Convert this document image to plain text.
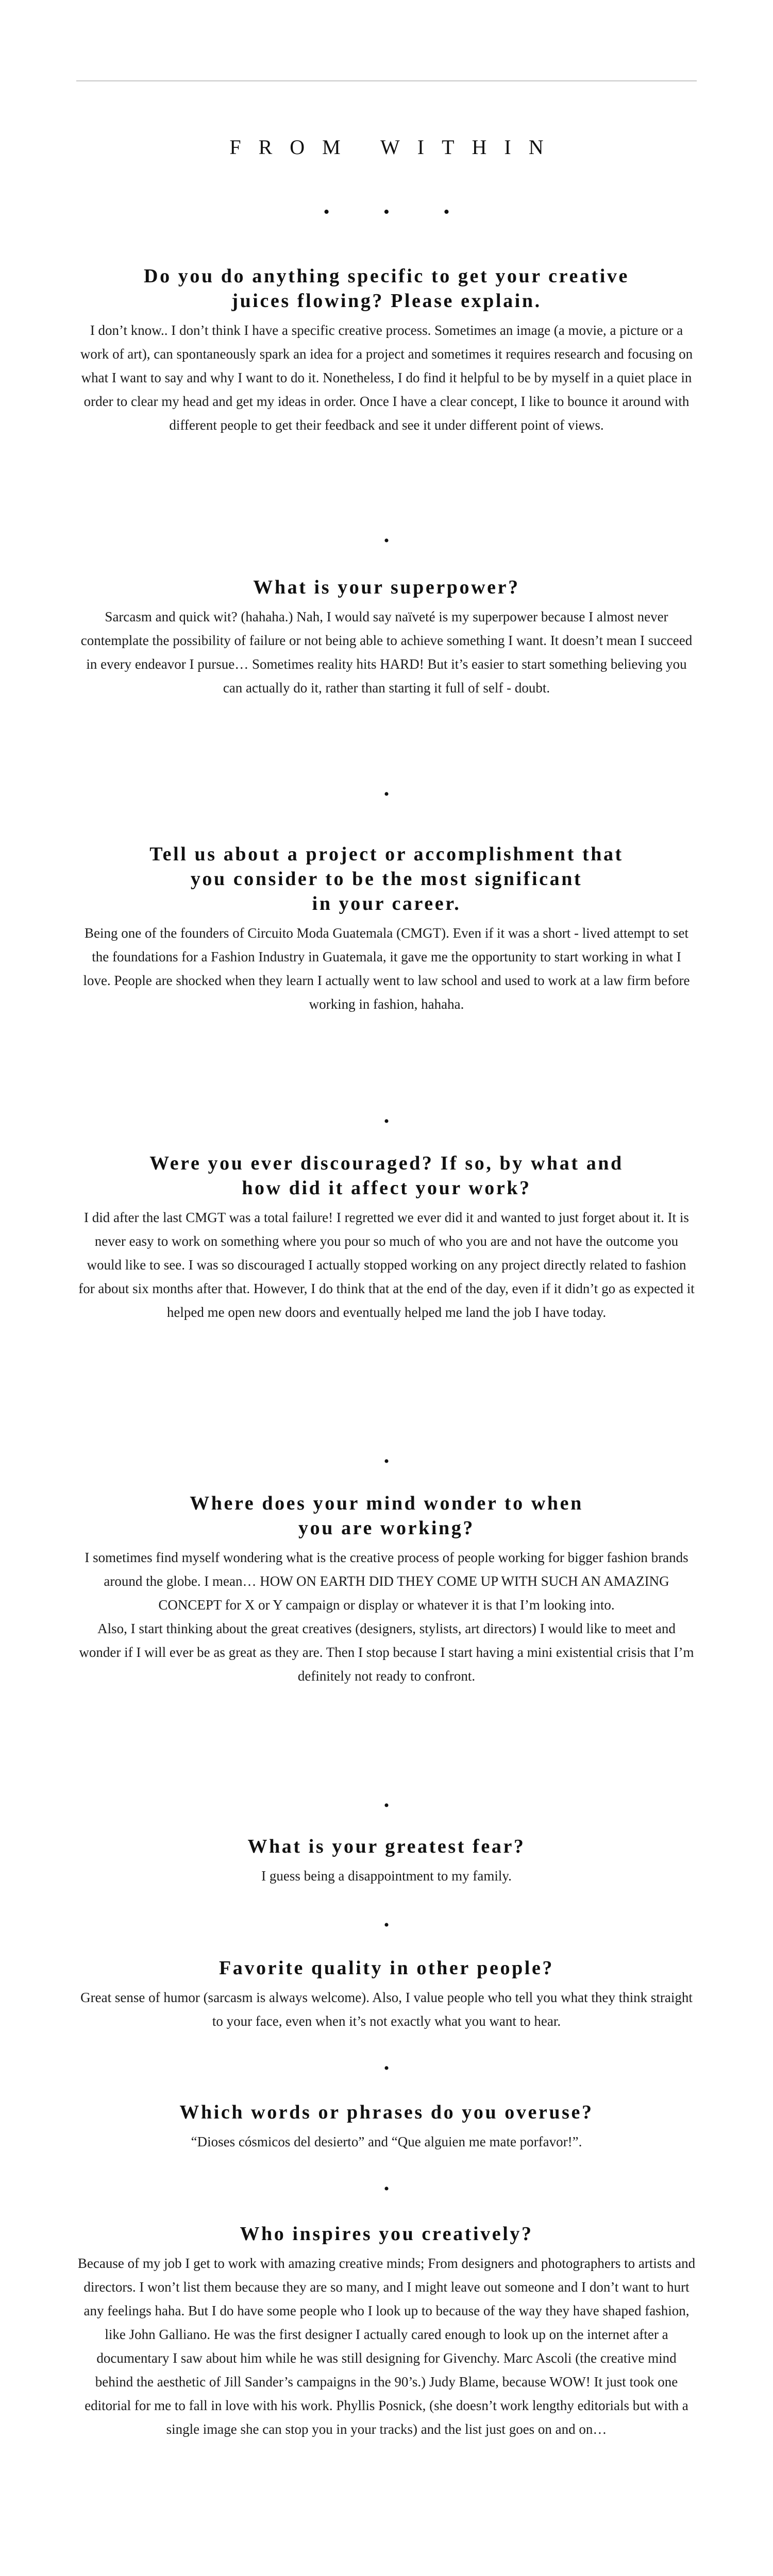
FROM WITHIN
• • •
Do you do anything specific to get your creative
juices flowing? Please explain.

I don’t know.. I don’t think I have a specific creative process. Sometimes an image (a movie, a picture or a work of art), can spontaneously spark an idea for a project and sometimes it requires research and focusing on what I want to say and why I want to do it. Nonetheless, I do find it helpful to be by myself in a quiet place in order to clear my head and get my ideas in order. Once I have a clear concept, I like to bounce it around with different people to get their feedback and see it under different point of views.

•
What is your superpower?

Sarcasm and quick wit? (hahaha.) Nah, I would say naïveté is my superpower because I almost never contemplate the possibility of failure or not being able to achieve something I want. It doesn’t mean I succeed in every endeavor I pursue… Sometimes reality hits HARD! But it’s easier to start something believing you can actually do it, rather than starting it full of self - doubt.

•
Tell us about a project or accomplishment that
you consider to be the most significant
in your career.

Being one of the founders of Circuito Moda Guatemala (CMGT). Even if it was a short - lived attempt to set the foundations for a Fashion Industry in Guatemala, it gave me the opportunity to start working in what I love. People are shocked when they learn I actually went to law school and used to work at a law firm before working in fashion, hahaha.

•
Were you ever discouraged? If so, by what and
how did it affect your work?

I did after the last CMGT was a total failure! I regretted we ever did it and wanted to just forget about it. It is never easy to work on something where you pour so much of who you are and not have the outcome you would like to see. I was so discouraged I actually stopped working on any project directly related to fashion for about six months after that. However, I do think that at the end of the day, even if it didn’t go as expected it helped me open new doors and eventually helped me land the job I have today.

•
Where does your mind wonder to when
you are working?

I sometimes find myself wondering what is the creative process of people working for bigger fashion brands around the globe. I mean… HOW ON EARTH DID THEY COME UP WITH SUCH AN AMAZING CONCEPT for X or Y campaign or display or whatever it is that I’m looking into.

Also, I start thinking about the great creatives (designers, stylists, art directors) I would like to meet and wonder if I will ever be as great as they are. Then I stop because I start having a mini existential crisis that I’m definitely not ready to confront.

•
What is your greatest fear?

I guess being a disappointment to my family.

•
Favorite quality in other people?

Great sense of humor (sarcasm is always welcome). Also, I value people who tell you what they think straight to your face, even when it’s not exactly what you want to hear.

•
Which words or phrases do you overuse?

“Dioses cósmicos del desierto” and “Que alguien me mate porfavor!”.

•
Who inspires you creatively?

Because of my job I get to work with amazing creative minds; From designers and photographers to artists and directors. I won’t list them because they are so many, and I might leave out someone and I don’t want to hurt any feelings haha. But I do have some people who I look up to because of the way they have shaped fashion, like John Galliano. He was the first designer I actually cared enough to look up on the internet after a documentary I saw about him while he was still designing for Givenchy. Marc Ascoli (the creative mind behind the aesthetic of Jill Sander’s campaigns in the 90’s.) Judy Blame, because WOW! It just took one editorial for me to fall in love with his work. Phyllis Posnick, (she doesn’t work lengthy editorials but with a single image she can stop you in your tracks) and the list just goes on and on…
